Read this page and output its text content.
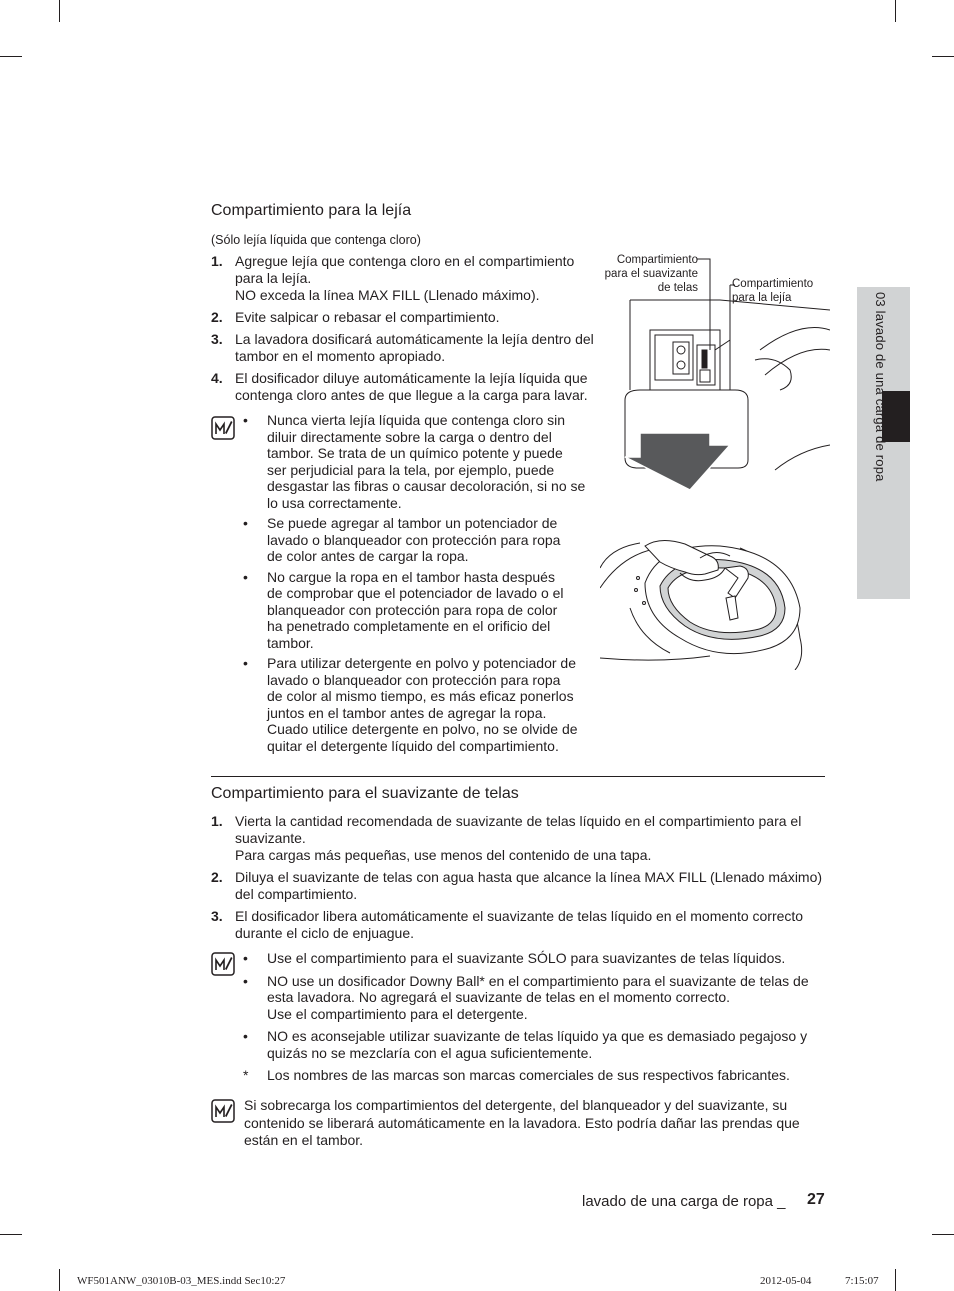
Compartimiento para la lejía
(Sólo lejía líquida que contenga cloro)
1. Agregue lejía que contenga cloro en el compartimiento
para la lejía.
NO exceda la línea MAX FILL (Llenado máximo).
2. Evite salpicar o rebasar el compartimiento.
3. La lavadora dosificará automáticamente la lejía dentro del
tambor en el momento apropiado.
4. El dosificador diluye automáticamente la lejía líquida que
contenga cloro antes de que llegue a la carga para lavar.
• Nunca vierta lejía líquida que contenga cloro sin
diluir directamente sobre la carga o dentro del
tambor. Se trata de un químico potente y puede
ser perjudicial para la tela, por ejemplo, puede
desgastar las fibras o causar decoloración, si no se
lo usa correctamente.
• Se puede agregar al tambor un potenciador de
lavado o blanqueador con protección para ropa
de color antes de cargar la ropa.
• No cargue la ropa en el tambor hasta después
de comprobar que el potenciador de lavado o el
blanqueador con protección para ropa de color
ha penetrado completamente en el orificio del
tambor.
• Para utilizar detergente en polvo y potenciador de
lavado o blanqueador con protección para ropa
de color al mismo tiempo, es más eficaz ponerlos
juntos en el tambor antes de agregar la ropa.
Cuado utilice detergente en polvo, no se olvide de
quitar el detergente líquido del compartimiento.
Compartimiento
para el suavizante
de telas	Compartimiento
para la lejía
Compartimiento para el suavizante de telas
1. Vierta la cantidad recomendada de suavizante de telas líquido en el compartimiento para el
suavizante.
Para cargas más pequeñas, use menos del contenido de una tapa.
2. Diluya el suavizante de telas con agua hasta que alcance la línea MAX FILL (Llenado máximo)
del compartimiento.
3. El dosificador libera automáticamente el suavizante de telas líquido en el momento correcto
durante el ciclo de enjuague.
• Use el compartimiento para el suavizante SÓLO para suavizantes de telas líquidos.
• NO use un dosificador Downy Ball* en el compartimiento para el suavizante de telas de
esta lavadora. No agregará el suavizante de telas en el momento correcto.
Use el compartimiento para el detergente.
• NO es aconsejable utilizar suavizante de telas líquido ya que es demasiado pegajoso y
quizás no se mezclaría con el agua suficientemente.
* Los nombres de las marcas son marcas comerciales de sus respectivos fabricantes.
Si sobrecarga los compartimientos del detergente, del blanqueador y del suavizante, su
contenido se liberará automáticamente en la lavadora. Esto podría dañar las prendas que
están en el tambor.
03 lavado de una carga de ropa
lavado de una carga de ropa _ 27
WF501ANW_03010B-03_MES.indd Sec10:27	2012-05-04	7:15:07
